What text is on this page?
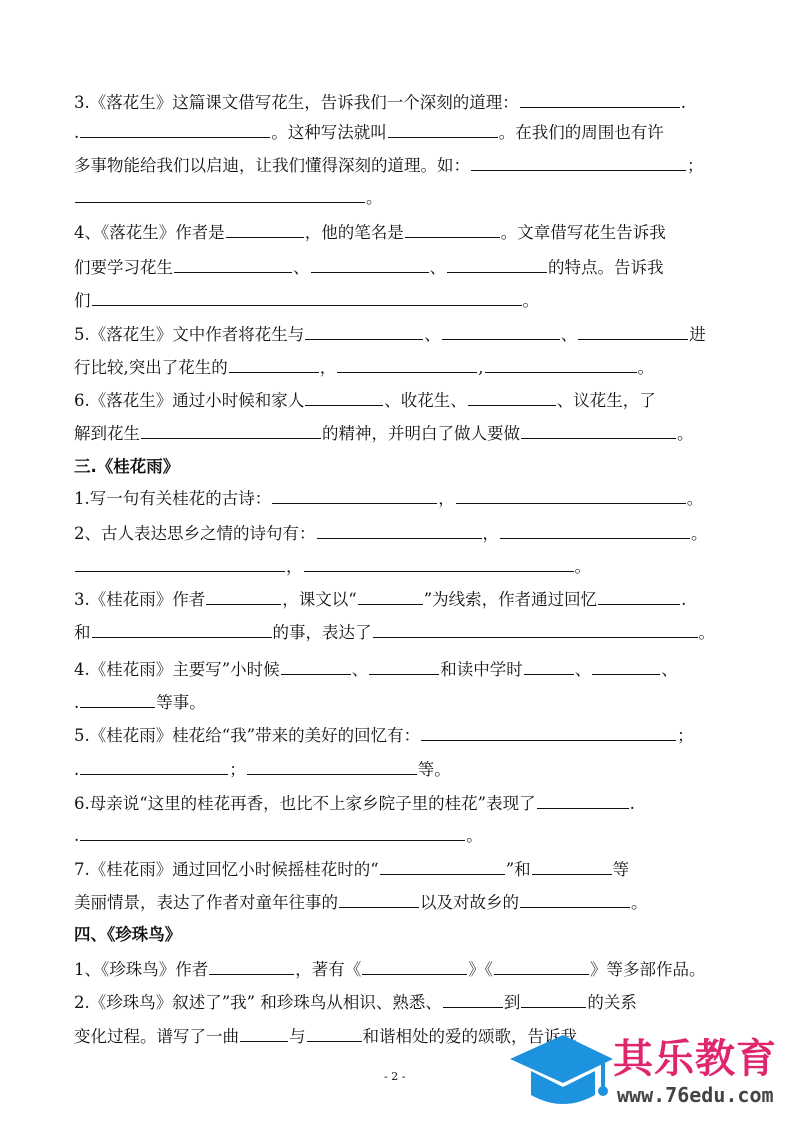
3.《落花生》这篇课文借写花生，告诉我们一个深刻的道理：	.
.	。这种写法就叫	。在我们的周围也有许
多事物能给我们以启迪，让我们懂得深刻的道理。如：	；
。
4、《落花生》作者是	，他的笔名是	。文章借写花生告诉我
们要学习花生	、	、	的特点。告诉我
们	。
5.《落花生》文中作者将花生与	、	、	进
行比较,突出了花生的	，	,	。
6.《落花生》通过小时候和家人	、收花生、	、议花生，了
解到花生	的精神，并明白了做人要做	。
三.《桂花雨》
1.写一句有关桂花的古诗：	，	。
2、古人表达思乡之情的诗句有：	，	。
，	。
3.《桂花雨》作者	，课文以“	”为线索，作者通过回忆	.
和	的事，表达了	。
4.《桂花雨》主要写”小时候	、	和读中学时	、	、
.	等事。
5.《桂花雨》桂花给“我”带来的美好的回忆有：	；
.	；	等。
6.母亲说“这里的桂花再香，也比不上家乡院子里的桂花”表现了	.
.	。
7.《桂花雨》通过回忆小时候摇桂花时的“	”和	等
美丽情景，表达了作者对童年往事的	以及对故乡的	。
四、《珍珠鸟》
1、《珍珠鸟》作者	，著有《	》《	》等多部作品。
2.《珍珠鸟》叙述了”我” 和珍珠鸟从相识、熟悉、	到	的关系
变化过程。谱写了一曲	与	和谐相处的爱的颂歌，告诉我
- 2 -	其乐教育
www.76edu.com
